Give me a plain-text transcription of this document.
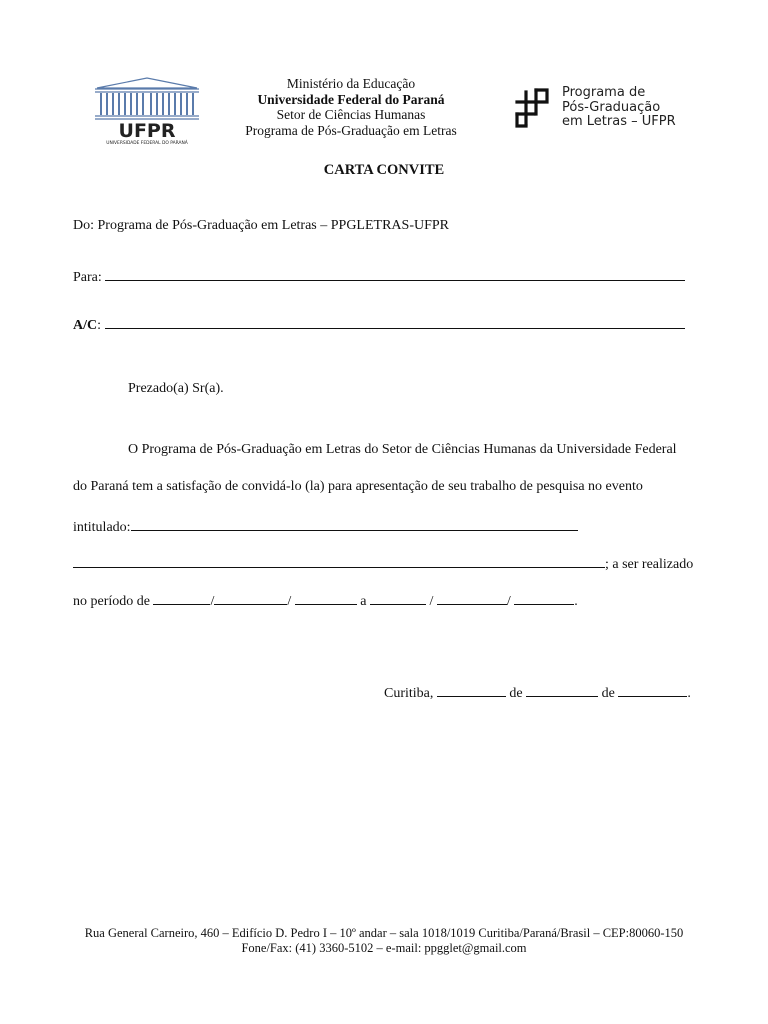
UFPR
UNIVERSIDADE FEDERAL DO PARANÁ
Ministério da Educação
Universidade Federal do Paraná
Setor de Ciências Humanas
Programa de Pós-Graduação em Letras
Programa de
Pós-Graduação
em Letras – UFPR
CARTA CONVITE
Do: Programa de Pós-Graduação em Letras – PPGLETRAS-UFPR
Para:
A/C:
Prezado(a) Sr(a).
O Programa de Pós-Graduação em Letras do Setor de Ciências Humanas da Universidade Federal
do Paraná tem a satisfação de convidá-lo (la) para apresentação de seu trabalho de pesquisa no evento
intitulado:
; a ser realizado
no período de	/	/	a	/	/	.
Curitiba,	de	de	.
Rua General Carneiro, 460 – Edifício D. Pedro I – 10º andar – sala 1018/1019 Curitiba/Paraná/Brasil – CEP:80060-150
Fone/Fax: (41) 3360-5102 – e-mail: ppgglet@gmail.com
